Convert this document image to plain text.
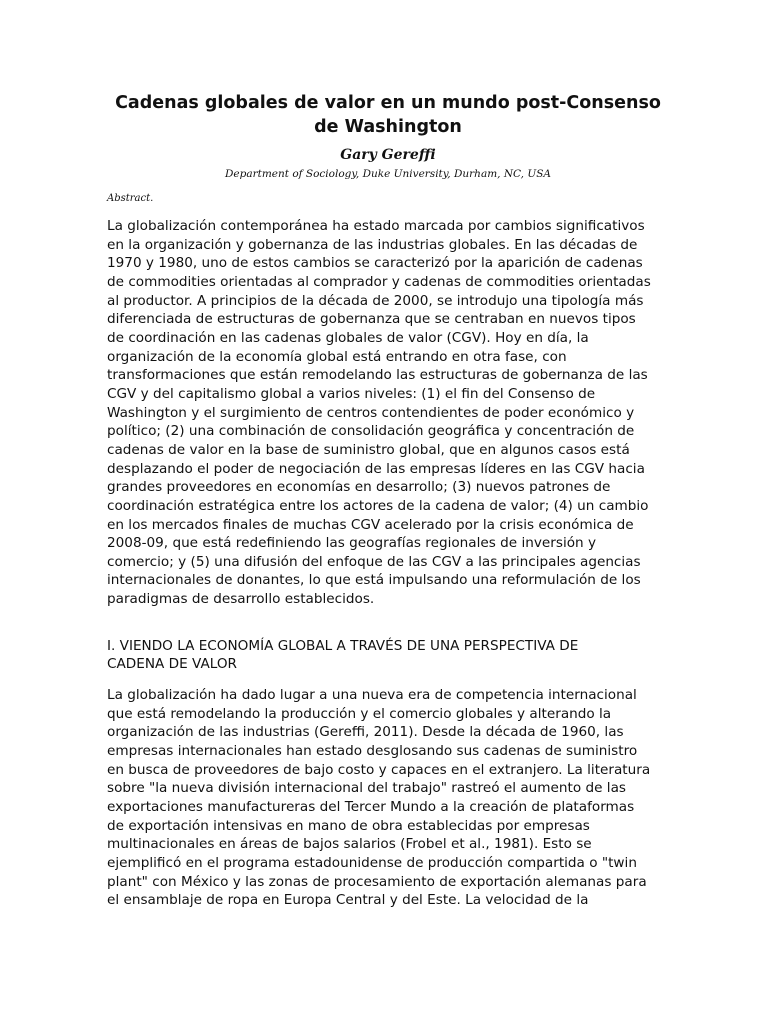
Cadenas globales de valor en un mundo post-Consenso
de Washington
Gary Gereffi
Department of Sociology, Duke University, Durham, NC, USA
Abstract.
La globalización contemporánea ha estado marcada por cambios significativos
en la organización y gobernanza de las industrias globales. En las décadas de
1970 y 1980, uno de estos cambios se caracterizó por la aparición de cadenas
de commodities orientadas al comprador y cadenas de commodities orientadas
al productor. A principios de la década de 2000, se introdujo una tipología más
diferenciada de estructuras de gobernanza que se centraban en nuevos tipos
de coordinación en las cadenas globales de valor (CGV). Hoy en día, la
organización de la economía global está entrando en otra fase, con
transformaciones que están remodelando las estructuras de gobernanza de las
CGV y del capitalismo global a varios niveles: (1) el fin del Consenso de
Washington y el surgimiento de centros contendientes de poder económico y
político; (2) una combinación de consolidación geográfica y concentración de
cadenas de valor en la base de suministro global, que en algunos casos está
desplazando el poder de negociación de las empresas líderes en las CGV hacia
grandes proveedores en economías en desarrollo; (3) nuevos patrones de
coordinación estratégica entre los actores de la cadena de valor; (4) un cambio
en los mercados finales de muchas CGV acelerado por la crisis económica de
2008-09, que está redefiniendo las geografías regionales de inversión y
comercio; y (5) una difusión del enfoque de las CGV a las principales agencias
internacionales de donantes, lo que está impulsando una reformulación de los
paradigmas de desarrollo establecidos.
I. VIENDO LA ECONOMÍA GLOBAL A TRAVÉS DE UNA PERSPECTIVA DE
CADENA DE VALOR
La globalización ha dado lugar a una nueva era de competencia internacional
que está remodelando la producción y el comercio globales y alterando la
organización de las industrias (Gereffi, 2011). Desde la década de 1960, las
empresas internacionales han estado desglosando sus cadenas de suministro
en busca de proveedores de bajo costo y capaces en el extranjero. La literatura
sobre "la nueva división internacional del trabajo" rastreó el aumento de las
exportaciones manufactureras del Tercer Mundo a la creación de plataformas
de exportación intensivas en mano de obra establecidas por empresas
multinacionales en áreas de bajos salarios (Frobel et al., 1981). Esto se
ejemplificó en el programa estadounidense de producción compartida o "twin
plant" con México y las zonas de procesamiento de exportación alemanas para
el ensamblaje de ropa en Europa Central y del Este. La velocidad de la
